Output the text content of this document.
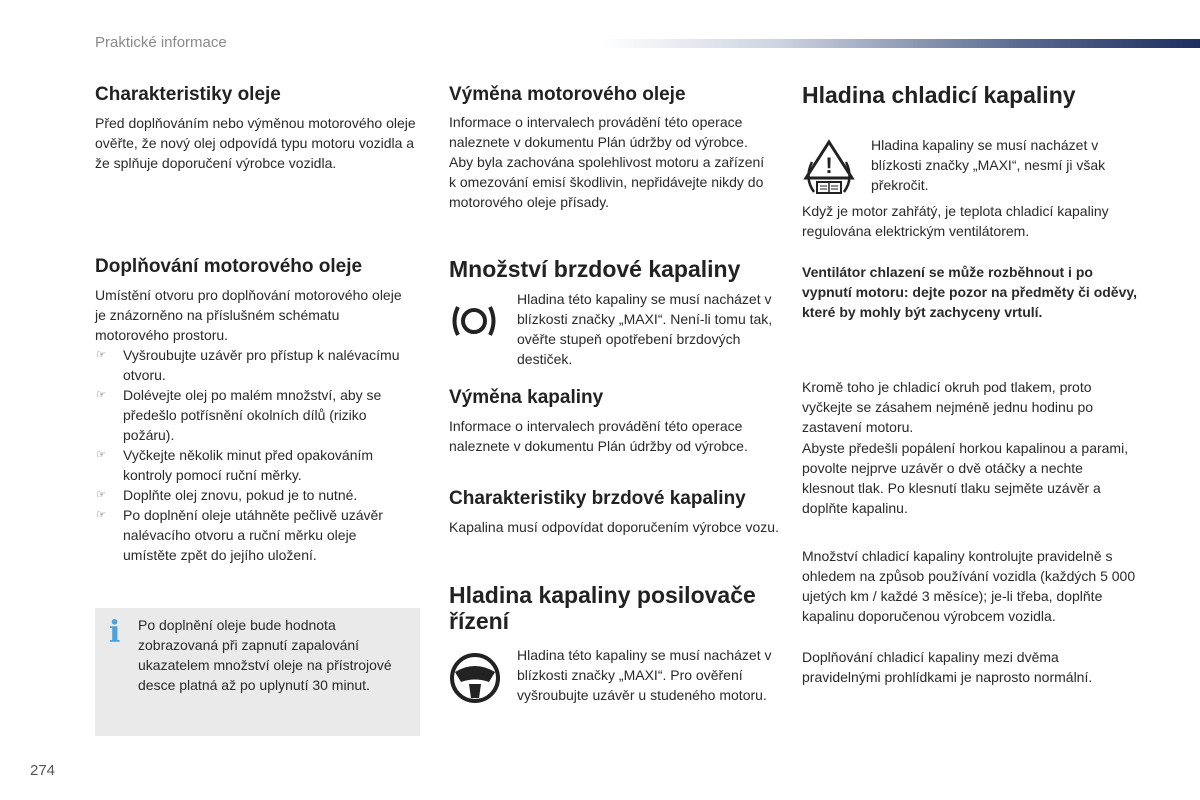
Praktické informace
Charakteristiky oleje

Před doplňováním nebo výměnou motorového oleje ověřte, že nový olej odpovídá typu motoru vozidla a že splňuje doporučení výrobce vozidla.

Doplňování motorového oleje

Umístění otvoru pro doplňování motorového oleje je znázorněno na příslušném schématu motorového prostoru.

☞ Vyšroubujte uzávěr pro přístup k nalévacímu otvoru.
☞ Dolévejte olej po malém množství, aby se předešlo potřísnění okolních dílů (riziko požáru).
☞ Vyčkejte několik minut před opakováním kontroly pomocí ruční měrky.
☞ Doplňte olej znovu, pokud je to nutné.
☞ Po doplnění oleje utáhněte pečlivě uzávěr nalévacího otvoru a ruční měrku oleje umístěte zpět do jejího uložení.
i Po doplnění oleje bude hodnota zobrazovaná při zapnutí zapalování ukazatelem množství oleje na přístrojové desce platná až po uplynutí 30 minut.

Výměna motorového oleje

Informace o intervalech provádění této operace naleznete v dokumentu Plán údržby od výrobce. Aby byla zachována spolehlivost motoru a zařízení k omezování emisí škodlivin, nepřidávejte nikdy do motorového oleje přísady.

Množství brzdové kapaliny

Hladina této kapaliny se musí nacházet v blízkosti značky „MAXI“. Není-li tomu tak, ověřte stupeň opotřebení brzdových destiček.

Výměna kapaliny

Informace o intervalech provádění této operace naleznete v dokumentu Plán údržby od výrobce.

Charakteristiky brzdové kapaliny

Kapalina musí odpovídat doporučením výrobce vozu.

Hladina kapaliny posilovače řízení

Hladina této kapaliny se musí nacházet v blízkosti značky „MAXI“. Pro ověření vyšroubujte uzávěr u studeného motoru.

Hladina chladicí kapaliny
!

Hladina kapaliny se musí nacházet v blízkosti značky „MAXI“, nesmí ji však překročit.

Když je motor zahřátý, je teplota chladicí kapaliny regulována elektrickým ventilátorem.

Ventilátor chlazení se může rozběhnout i po vypnutí motoru: dejte pozor na předměty či oděvy, které by mohly být zachyceny vrtulí.

Kromě toho je chladicí okruh pod tlakem, proto vyčkejte se zásahem nejméně jednu hodinu po zastavení motoru.

Abyste předešli popálení horkou kapalinou a parami, povolte nejprve uzávěr o dvě otáčky a nechte klesnout tlak. Po klesnutí tlaku sejměte uzávěr a doplňte kapalinu.

Množství chladicí kapaliny kontrolujte pravidelně s ohledem na způsob používání vozidla (každých 5 000 ujetých km / každé 3 měsíce); je-li třeba, doplňte kapalinu doporučenou výrobcem vozidla.

Doplňování chladicí kapaliny mezi dvěma pravidelnými prohlídkami je naprosto normální.

274
